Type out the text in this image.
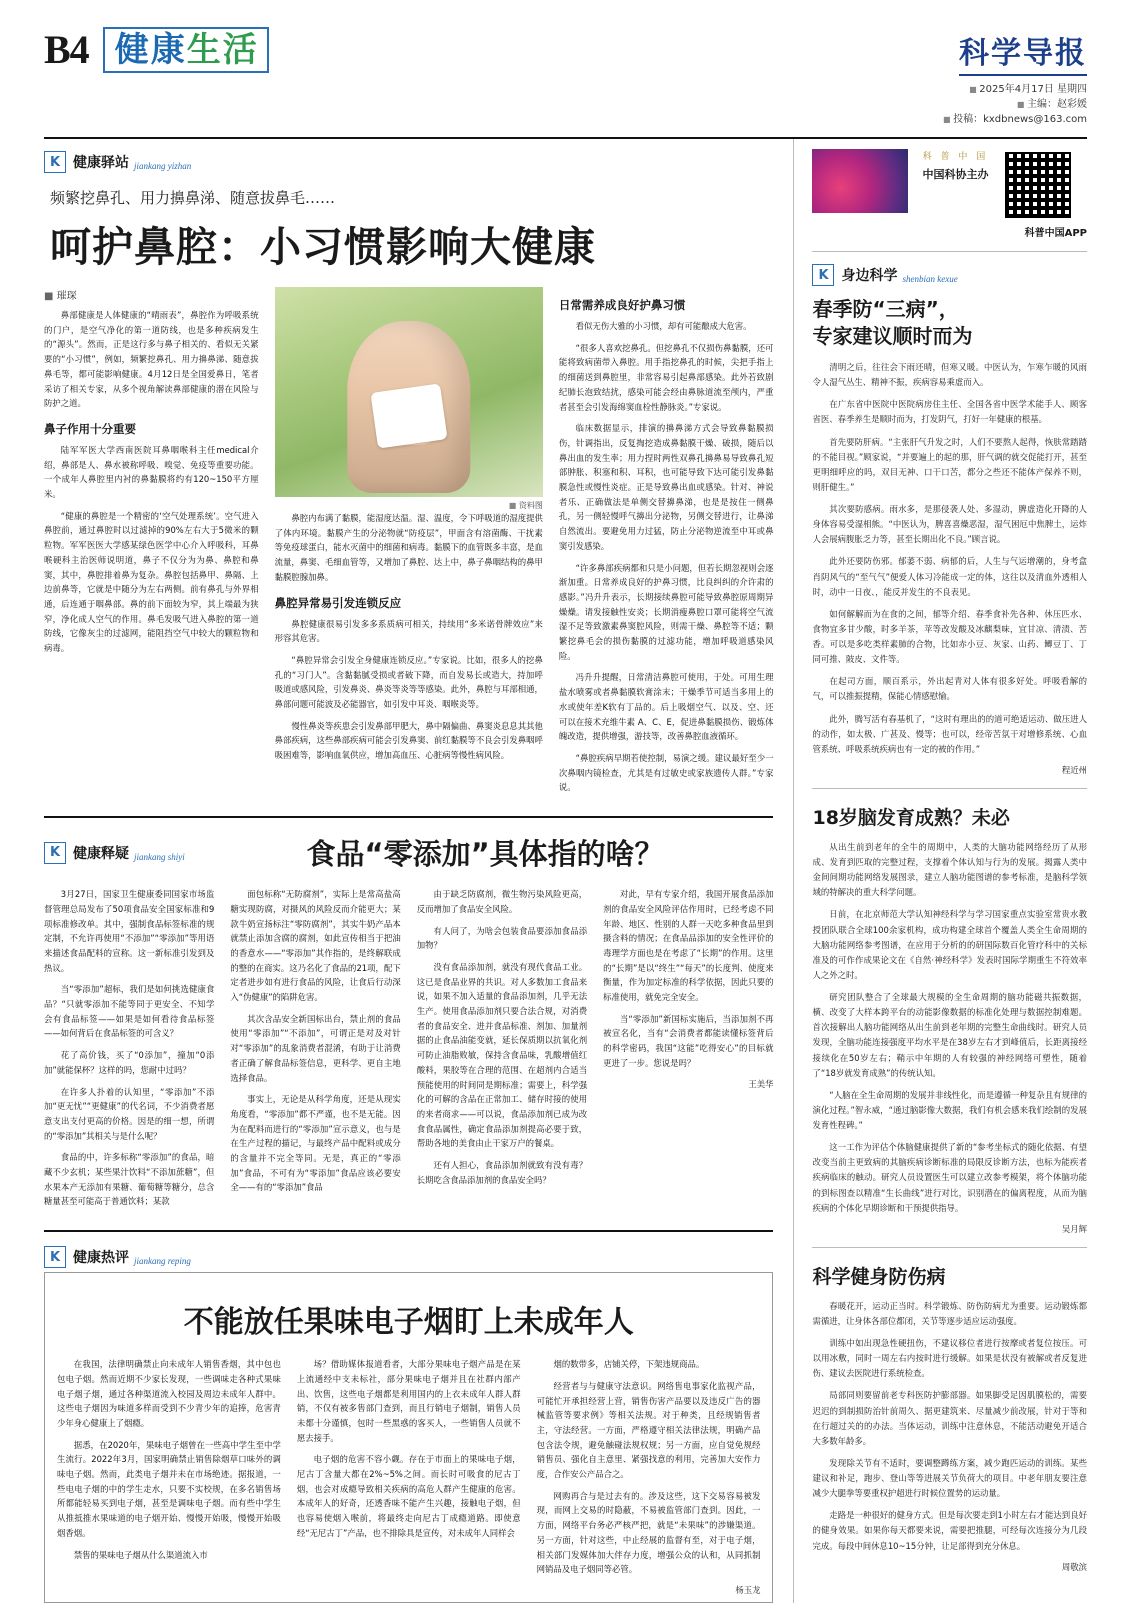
B4 健 康 生 活	科学导报
■ 2025年4月17日 星期四
■ 主编：赵彩媛
■ 投稿：kxdbnews@163.com
K 健康驿站 jiankang yizhan
频繁挖鼻孔、用力擤鼻涕、随意拔鼻毛……
呵护鼻腔：小习惯影响大健康
■ 璀琛

鼻部健康是人体健康的“晴雨表”，鼻腔作为呼吸系统的门户，是空气净化的第一道防线，也是多种疾病发生的“源头”。然而，正是这行多与鼻子相关的、看似无关紧要的“小习惯”，例如，频繁挖鼻孔、用力擤鼻涕、随意拔鼻毛等，都可能影响健康。4月12日是全国爱鼻日，笔者采访了相关专家，从多个视角解读鼻部健康的潜在风险与防护之道。

鼻子作用十分重要

陆军军医大学西南医院耳鼻咽喉科主任medical介绍，鼻部是人、鼻水被称呼吸、嗅觉、免疫等重要功能。一个成年人鼻腔里内衬的鼻黏膜将约有120~150平方厘米。

“健康的鼻腔是一个精密的‘空气处理系统’。空气进入鼻腔前，通过鼻腔时以过滤掉的90%左右大于5微米的颗粒物。军军医医大学感某绿色医学中心介入呼吸科，耳鼻喉硬科主治医师说明道，鼻子不仅分为为鼻、鼻腔和鼻窦，其中，鼻腔排着鼻为复杂。鼻腔包括鼻甲、鼻隔、上边前鼻等，它就是中随分为左右两侧。前有鼻孔与外界相通，后连通于咽鼻部。鼻的前下面较为窄，其上端最为狭窄，净化成人空气的作用。鼻毛发吸气进入鼻腔的第一道防线，它像灰尘的过滤网，能阻挡空气中较大的颗粒物和病毒。

■ 资料图

鼻腔内布满了黏膜，能湿度达温。湿、温度，令下呼吸道的湿度提供了体内环境。黏膜产生的分泌物就“防疫层”，甲面含有溶菌酶、干扰素等免疫球蛋白，能水灭菌中的细菌和病毒。黏膜下的血管既多丰富，是血流量，鼻窦、毛细血管等，又增加了鼻腔、达上中，鼻子鼻咽结构的鼻甲黏膜腔腺加鼻。

鼻腔异常易引发连锁反应

鼻腔健康很易引发多多系质病可相关，持续用“多米诺骨牌效应”来形容其危害。

“鼻腔异常会引发全身健康连锁反应。”专家说。比如，很多人的挖鼻孔的“习门人”。含黏黏腻受损或者破下降，而自发易长或造大，持加呼吸道或感风险，引发鼻炎、鼻炎等炎等等感染。此外，鼻腔与耳部相通，鼻部问题可能波及必能器官，如引发中耳炎、咽喉炎等。

慢性鼻炎等疾患会引发鼻部甲肥大，鼻中隔偏曲、鼻窦炎息息其其他鼻部疾病，这些鼻部疾病可能会引发鼻窦、前红黏膜等不良会引发鼻咽呼吸困难等，影响血氧供应，增加高血压、心脏病等慢性病风险。

日常需养成良好护鼻习惯

看似无伤大雅的小习惯，却有可能酿成大危害。

“很多人喜欢挖鼻孔。但挖鼻孔不仅损伤鼻黏膜，还可能将致病菌带入鼻腔。用手指挖鼻孔的时候，尖把手指上的细菌送到鼻腔里，非常容易引起鼻部感染。此外若致剧纪肺长泡致结扰，感染可能会经由鼻脉道流至颅内，严重者甚至会引发海绵窦血栓性静脉炎。”专家说。

临床数据显示，排演的擤鼻涕方式会导致鼻黏膜损伤，针调指出，反复掏挖造成鼻黏膜干燥、破损，随后以鼻出血的发生率；用力捏时两性双鼻孔擤鼻易导致鼻孔短部肿胀、积塞和积、耳积，也可能导致下达可能引发鼻黏膜急性或慢性炎症。正是导致鼻出血或感染。针对、神说者乐、正确做法是单侧交替擤鼻涕，也是是按住一侧鼻孔，另一侧轻慢呼气擤出分泌物，另侧交替进行，让鼻涕自然流出。要避免用力过猛，防止分泌物逆流至中耳或鼻窦引发感染。

“许多鼻部疾病都和只是小问题，但若长期忽视则会逐渐加重。日常养成良好的护鼻习惯，比良纠纠的介许肃的感影。”冯升升表示，长期接续鼻腔可能导致鼻腔原周期异燥燥。请发接触性安炎；长期消瘦鼻腔口罩可能将空气流湿不足等致激素鼻窦腔风险，则需干燥、鼻腔等不适；颗繁挖鼻毛会的损伤黏膜的过滤功能，增加呼吸道感染风险。

冯升升提醒，日常清洁鼻腔可使用，于处。可用生理盐水喷雾或者鼻黏膜软膏涂末；干燥季节可适当多用上的水或使年差K软有丁品的。后上吸烟空气、以及、空、还可以在接术充维牛素 A、C、E，促进鼻黏膜损伤、锻炼体魄改造，提供增强，游技等，改善鼻腔血液循环。

“鼻腔疾病早期若使控制，易演之缓。建议最好至少一次鼻咽内镜检查，尤其是有过敏史或家族遗传人群。”专家说。

K 健康释疑 jiankang shiyi	食品“零添加”具体指的啥？

3月27日，国家卫生健康委同国家市场监督管理总局发布了50项食品安全国家标准和9项标准修改单。其中，强制食品标签标准的规定制，不允许再使用“不添加”“零添加”等用语来描述食品配料的宣称。这一新标准引发到及热议。

当“零添加”超标，我们是如何挑选健康食品？“只就零添加不能等同于更安全、不知学会有食品标签——如果是如何看待食品标签——如何背后在食品标签的可含义？

花了高价钱，买了“0添加”，撞加“0添加”就能保杯？这样的吗，您耐中过吗？

在许多人扑着的认知里，“零添加”不添加“更无忧”“更健康”的代名词，不少消费者愿意支出支付更高的价格。因是的细一想，所谓的“零添加”其相关与是什么呢？

食品的中，许多标称“零添加”的食品，暗藏不少玄机；某些果汁饮料“不添加蔗糖”，但水果本产无添加有果糖、葡萄糖等糖分，总含糖量甚至可能高于普通饮料；某款

面包标称“无防腐剂”，实际上是常高盐高糖实现防腐，对摄风的风险反而介能更大；某款牛奶宣扬标注“零防腐剂”，其实牛奶产品本就禁止添加含腐的腐剂，如此宣传相当于把油的香意水——“零添加”其作指的，是终解联成的整的在商实。这乃名化了食品的21项，配下定者进步如有进行食品的风险，让食后行动深入“伪健康”的陷阱危害。

其次含品安全新国标出台，禁止剂的食品使用“零添加”“不添加”，可谓正是对及对针对“零添加”的乱象消费者混淆，有助于让消费者正确了解食品标签信息，更科学、更自主地选择食品。

事实上，无论是从科学角度，还是从现实角度看，“零添加”都不严谨，也不是无能。因为在配料而进行的“零添加”宣示意义，也与是在生产过程的描记，与最终产品中配料或成分的含量并不完全等同。无是，真正的“零添加”食品，不可有为“零添加”食品应该必要安全——有的“零添加”食品

由于缺乏防腐剂，微生物污染风险更高，反而增加了食品安全风险。

有人问了，为啥会包装食品要添加食品添加物？

没有食品添加剂，就没有现代食品工业。这已是食品业界的共识。对人多数加工食品来说，如果不加入适量的食品添加剂，几乎无法生产。使用食品添加剂只要合法合规，对消费者的食品安全、进并食品标准、剂加、加量剂据的止食品油能变就，延长保质期以抗氧化剂可防止油脂败敏，保持含食品味，乳酸增值红酸料，果胶等在合理的范围、在超剂内合适当预能使用的时间同是期标准；需要上，科学强化的可解的含品在正常加工、储存时接的使用的来者商求——可以说，食品添加剂已成为改食食品属性，确定食品添加剂提高必要于致，帮助各地的美食由止干家万户的餐桌。

还有人担心，食品添加剂就致有没有毒？长期吃含食品添加剂的食品安全吗？

对此，早有专家介绍，我国开展食品添加剂的食品安全风险评估作用时，已经考虑不同年龄、地区、性别的人群一天吃多种食品里到摄含料的情况；在食品品添加的安全性评价的毒理学方面也是在考虑了“长期”的作用。这里的“长期”是以“终生”“每天”的长度判、使度来衡量，作为加定标准的科学依据，因此只要的标准使用，就免完全安全。

当“零添加”新国标实施后，当添加剂不再被宣名化，当有“会消费者都能读懂标签背后的科学密码，我国“这能”吃得安心”的目标就更进了一步。您说是吗？

王美华
K 健康热评 jiankang reping
不能放任果味电子烟盯上未成年人

在我国，法律明确禁止向未成年人销售香烟，其中包也包电子烟。然而近期不少家长发现，一些调味走各种式果味电子烟子烟，通过各种渠道流入校园及周边未成年人群中。这些电子烟因为味道多样而受到不少青少年的追捧，危害青少年身心健康上了烟瘾。

据悉，在2020年，果味电子烟曾在一些高中学生至中学生流行。2022年3月，国家明确禁止销售除烟草口味外的调味电子烟。然而，此类电子烟并未在市场绝迹。据报道，一些电电子烟的中的学生走水，只要不实校规，在多名销售场所都能轻易买到电子烟，甚至是调味电子烟。而有些中学生从推抵推水果味道的电子烟开始、慢慢开始吸，慢慢开始吸烟香烟。

禁售的果味电子烟从什么渠道流入市

场？借助媒体报道看者，大部分果味电子烟产品是在某上流通经中支未标社，部分果味电子烟并且在社群内部产出、饮售，这些电子烟都是利用国内的上衣未成年人群人群销，不仅有被多售部门查到，而且行销电子烟制，销售人员未都十分谨慎，包时一些黑惑的客买人，一些销售人员就不愿去接手。

电子烟的危害不容小觑。存在于市面上的果味电子烟，尼古丁含量大都在2%~5%之间。而长时可吸食的尼古丁烟，也会对成瘾导致相关疾病的高危人群产生健康的危害。本成年人的好奇，还透香味不能产生兴趣，接触电子烟，但也容易使烟入喉前，将最终走向尼古丁成瘾道路。即使意经“无尼古丁”产品，也不排除具是宣传，对未成年人同样会

烟的数带多，店铺关停，下架违规商品。

经营者与与健康守法意识。网络售电事家化监视产品，可能忙开承担经营上营，销售伤害产品要以及违反广告的器械监管等要求例》等相关法规。对于种类，且经规销售者主，守法经营。一方面，严格遵守相关法律法规，明确产品包含法令规，避免触碰法规权规；另一方面，应自觉免规经销售员、强化自主意里、紧强找意的利用，完善加大安作力度，合作安公产品合之。

网购再合与是过去有的。涉及这些，这下交易容易被发现，而网上交易的时隐蔽，不易被监管部门查到。因此，一方面，网络平台务必严核严把，就是“未果味”的涉嫌渠道。另一方面，针对这些，中止经展的监督有至，对于电子烟，相关部门发媒体加大伴存力度，增强公众的认和，从同抓制网销品及电子烟同等必管。

杨玉龙
科 普 中 国
中国科协主办
科普中国APP
K 身边科学 shenbian kexue
春季防“三病”，
专家建议顺时而为

清明之后，往往会下雨还晴，但寒又暖。中医认为，乍寒乍暖的风雨令人湿气丛生、精神不振，疾病容易乘虚而入。

在广东省中医院中医院病房住主任、全国各省中医学术能手人、顾客省医、春季养生是顺时而为，打发阴气，打好一年健康的根基。

首先要防肝病。“主张肝气升发之时，人们不要熬人起得，恢肤常踏踏的不能目视。”顾家说，“并要遍上的起的那，肝气调的就交促能打开，甚至更明细呼应的吗，双目无神、口干口苦，都分之些还不能体产保养不则，则肝健生。”

其次要防感病。雨水多，是那侵袭人处、多湿动，脾虚造化开降的人身体容易受湿相熊。“中医认为，脾喜喜燥恶湿，湿气困厄中焦脾土，运炸人会展病腹胀乏力等，甚至长期出化不良。”顾言说。

此外还要防伤邪。郁萎不弱、病郁的后，人生与气运增潮的，身考盒肖阴风气的“至气气”便爱人体习冷能成一定的体，这往以及清血外透相人时，动中一日夜、，能反并发生的不良表见。

如何解解而为在食的之间，郁等介绍、春季食补先各种、休压匹水、食物宜多甘少酸，时多羊茶，苹等改发酸及冰麒梨味，宜甘凉、清渍、苦香。可以是多吃类样素肺的合物，比如赤小豆、灰家、山药、鲫豆丁、丁同可推、陂皮、文件等。

在起司方面，顺百系示，外出起青对人体有很多好处。呼吸看解的气，可以推振提精，保能心情感慰愉。

此外，腾写活有春基机了，“这时有理出的的道可绝适运动、做压进人的动作，如太极、广甚及、慢等；也可以，经帝苦氛干对增修系统、心血管系统、呼吸系统疾病也有一定的被的作用。”

程近州
18岁脑发育成熟？未必

从出生前到老年的全牛的周期中，人类的大脑功能网络经历了从形成、发育到匹取的完整过程，支撑着个体认知与行为的发展。揭露人类中金间间期功能网络发展图录，建立人脑功能图谱的参考标准，是脑科学领域的特解决的重大科学问题。

日前，在北京师范大学认知神经科学与学习国家重点实验室常贵水教授团队联合全球100余家机构，成功构建全球首个覆盖人类全生命周期的大脑功能网络参考图谱，在应用于分析的的研国际数百化管疗科中的关标准及的可作作成果论文在《自然·神经科学》发表时国际学期重生不符效率人之外之时。

研究团队整合了全球最大规模的全生命周期的脑功能磁共振数据，横、改变了大样本跨平台的动能影像数据的标准化处理与数据控制难题。首次接解出人脑功能网络从出生前到老年期的完整生命曲线时。研究人员发现，全脑功能连接强度平均水平是在38岁左右才到峰值后，长距离接经接续化在50岁左右；鞘示中年期的人有较强的神经网络可塑性，随着了“18岁就发育成熟”的传统认知。

“人脑在全生命周期的发展并非线性化，而是遵循一种复杂且有规律的演化过程。”智永威，“通过脑影像大数据，我们有机会感来我们绘制的发展发育性程碑。”

这一工作为评估个体脑健康提供了新的“参考坐标式的随化依据、有望改变当前主更致病的其脑疾病诊断标准的局限反诊断方法，也标为能疾者疾病临床的触动。研究人员设置医生可以建立改参考模架，将个体脑功能的到标图查以精准“生长曲线”进行对比，识别潜在的偏离程度，从而为脑疾病的个体化早期诊断和干预提供指导。

吴月辉
科学健身防伤病

春暖花开，运动正当时。科学锻炼、防伤防病尤为重要。运动锻炼都需循进，让身体各部位都闭，关节等逐步适应运动强度。

训练中如出现急性硬扭伤，不建议移位者进行按摩或者复位按压。可以用冰敷，同时一周左右内按时进行缓解。如果是状没有被解或者反复进伤、建议去医院进行系统检查。

局部同则要留前老专科医防护膨部器。如果脚受足因肌膜松的，需要迟迟的到制损防治针前周久、据更建筑来、尽量减少前改展，针对于等和在行超过关的的办法。当体运动，训练中注意休息，不能活动避免开适合大多数年龄多。

发现除关节有不适时，要调整蹲练方案，减少跑匹运动的训练。某些建议和补足，跑步、登山等等进展关节负荷大的项目。中老年朋友要注意减少大腿拳等要重权护超进行时候位置势的运动量。

走路是一种很好的健身方式。但是每次要走到1小时左右才能达到良好的健身效果。如果你每天都要来说，需要把推腿，可经每次连接分为几段完成。每段中间休息10~15分钟，让足部得到充分休息。

周敬滨
